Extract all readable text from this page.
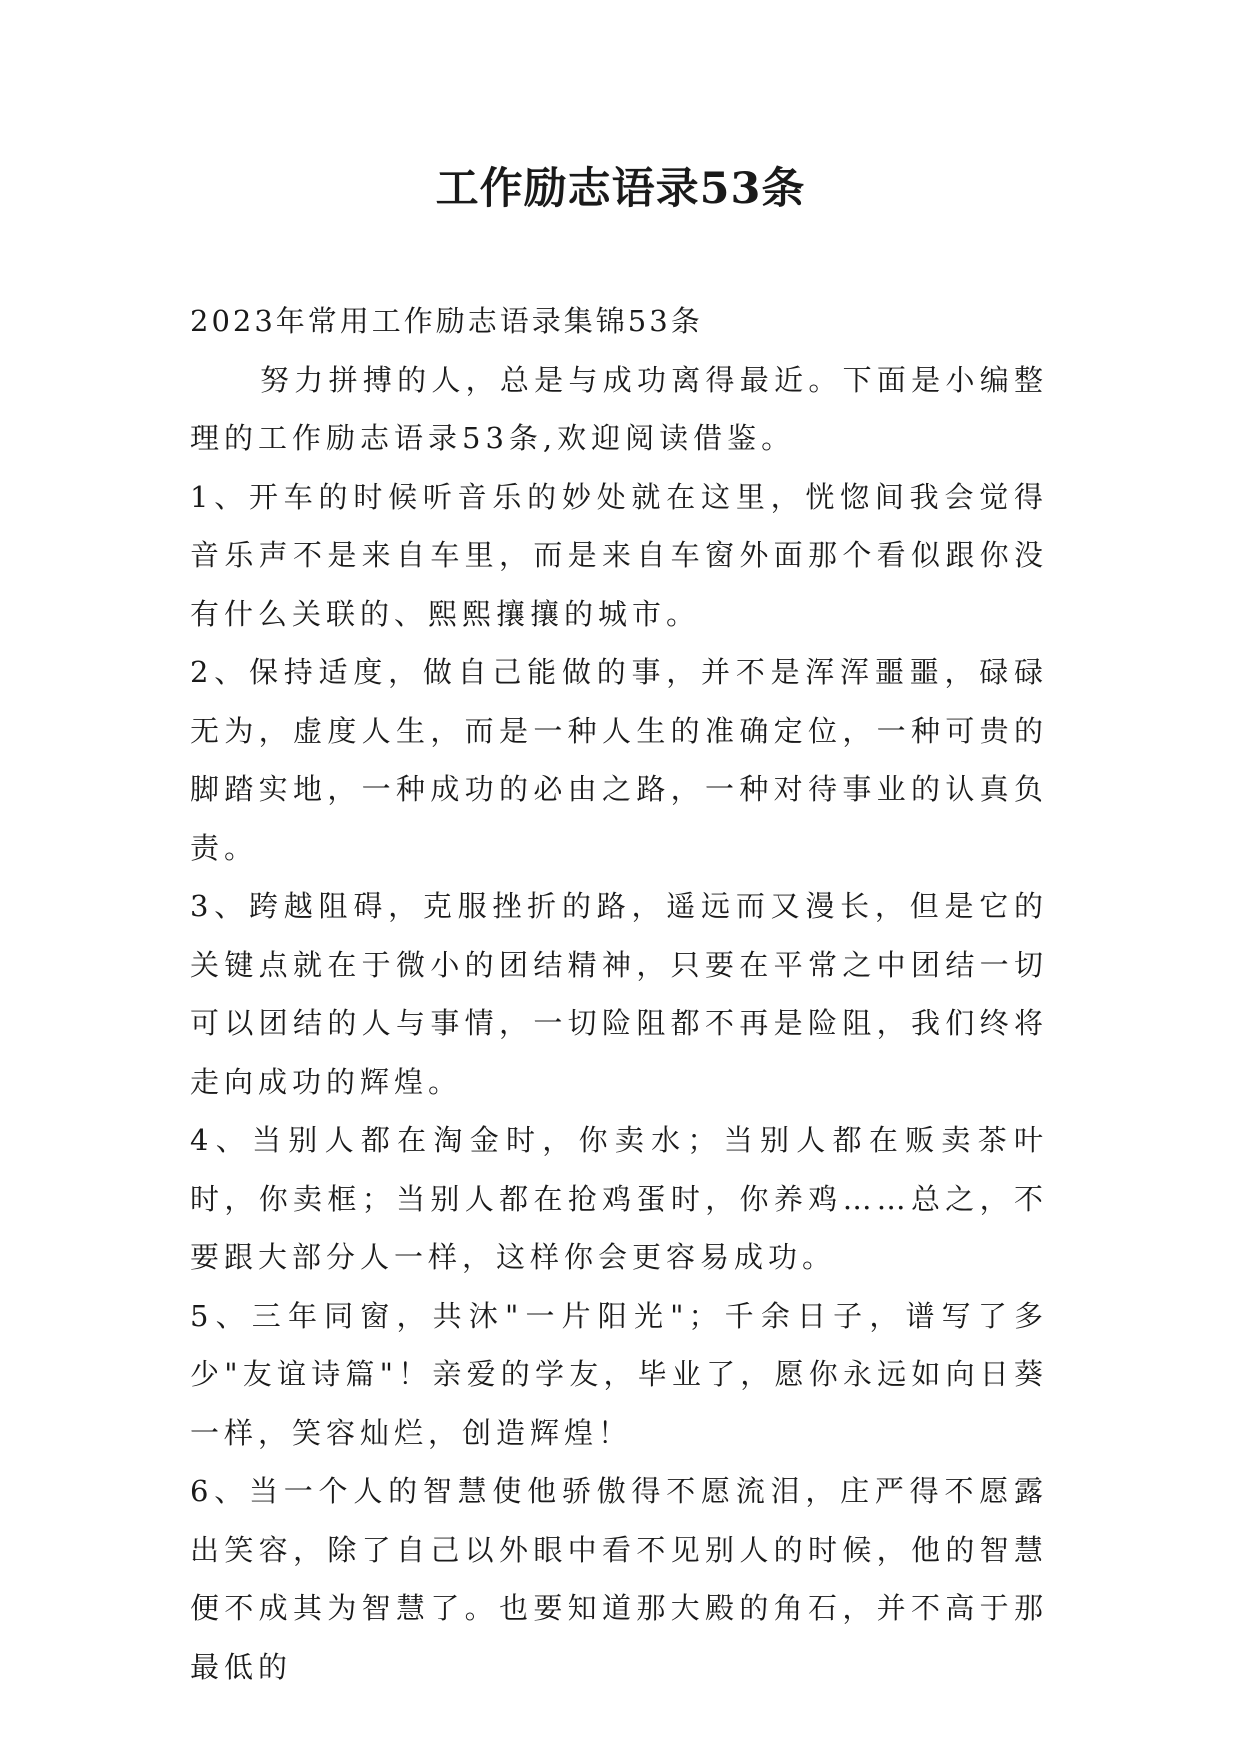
工作励志语录53条

2023年常用工作励志语录集锦53条

努力拼搏的人，总是与成功离得最近。下面是小编整理的工作励志语录53条,欢迎阅读借鉴。

1、开车的时候听音乐的妙处就在这里，恍惚间我会觉得音乐声不是来自车里，而是来自车窗外面那个看似跟你没有什么关联的、熙熙攘攘的城市。

2、保持适度，做自己能做的事，并不是浑浑噩噩，碌碌无为，虚度人生，而是一种人生的准确定位，一种可贵的脚踏实地，一种成功的必由之路，一种对待事业的认真负责。

3、跨越阻碍，克服挫折的路，遥远而又漫长，但是它的关键点就在于微小的团结精神，只要在平常之中团结一切可以团结的人与事情，一切险阻都不再是险阻，我们终将走向成功的辉煌。

4、当别人都在淘金时，你卖水；当别人都在贩卖茶叶时，你卖框；当别人都在抢鸡蛋时，你养鸡……总之，不要跟大部分人一样，这样你会更容易成功。

5、三年同窗，共沐"一片阳光"；千余日子，谱写了多少"友谊诗篇"！亲爱的学友，毕业了，愿你永远如向日葵一样，笑容灿烂，创造辉煌！

6、当一个人的智慧使他骄傲得不愿流泪，庄严得不愿露出笑容，除了自己以外眼中看不见别人的时候，他的智慧便不成其为智慧了。也要知道那大殿的角石，并不高于那最低的
